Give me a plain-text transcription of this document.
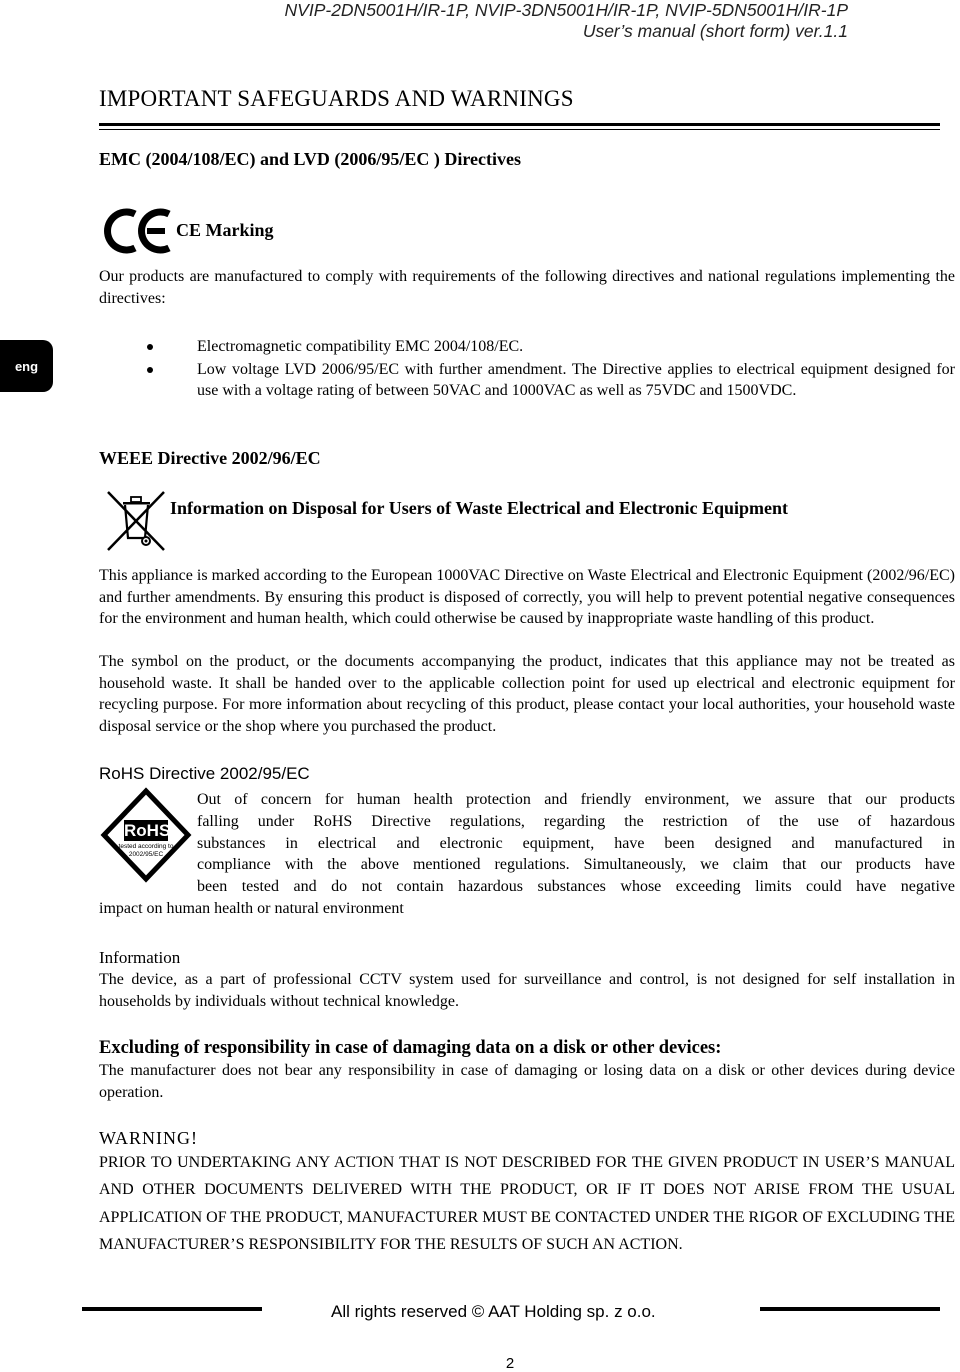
NVIP-2DN5001H/IR-1P, NVIP-3DN5001H/IR-1P, NVIP-5DN5001H/IR-1P
User’s manual (short form) ver.1.1
eng
IMPORTANT SAFEGUARDS AND WARNINGS
EMC (2004/108/EC) and LVD (2006/95/EC ) Directives
CE Marking
Our products are manufactured to comply with requirements of the following directives and national regulations implementing the directives:
Electromagnetic compatibility EMC 2004/108/EC.
Low voltage LVD 2006/95/EC with further amendment. The Directive applies to electrical equipment designed for use with a voltage rating of between 50VAC and 1000VAC as well as 75VDC and 1500VDC.
WEEE Directive 2002/96/EC
Information on Disposal for Users of Waste Electrical and Electronic Equipment
This appliance is marked according to the European 1000VAC Directive on Waste Electrical and Electronic Equipment (2002/96/EC) and further amendments. By ensuring this product is disposed of correctly, you will help to prevent potential negative consequences for the environment and human health, which could otherwise be caused by inappropriate waste handling of this product.
The symbol on the product, or the documents accompanying the product, indicates that this appliance may not be treated as household waste. It shall be handed over to the applicable collection point for used up electrical and electronic equipment for recycling purpose. For more information about recycling of this product, please contact your local authorities, your household waste disposal service or the shop where you purchased the product.
RoHS Directive 2002/95/EC
RoHS
tested according to
2002/95/EC
Out of concern for human health protection and friendly environment, we assure that our products
falling under RoHS Directive regulations, regarding the restriction of the use of hazardous
substances in electrical and electronic equipment, have been designed and manufactured in
compliance with the above mentioned regulations. Simultaneously, we claim that our products have
been tested and do not contain hazardous substances whose exceeding limits could have negative
impact on human health or natural environment
Information
The device, as a part of professional CCTV system used for surveillance and control, is not designed for self installation in households by individuals without technical knowledge.
Excluding of responsibility in case of damaging data on a disk or other devices:
The manufacturer does not bear any responsibility in case of damaging or losing data on a disk or other devices during device operation.
WARNING!
PRIOR TO UNDERTAKING ANY ACTION THAT IS NOT DESCRIBED FOR THE GIVEN PRODUCT IN USER’S MANUAL AND OTHER DOCUMENTS DELIVERED WITH THE PRODUCT, OR IF IT DOES NOT ARISE FROM THE USUAL APPLICATION OF THE PRODUCT, MANUFACTURER MUST BE CONTACTED UNDER THE RIGOR OF EXCLUDING THE MANUFACTURER’S RESPONSIBILITY FOR THE RESULTS OF SUCH AN ACTION.
All rights reserved © AAT Holding sp. z o.o.
2
